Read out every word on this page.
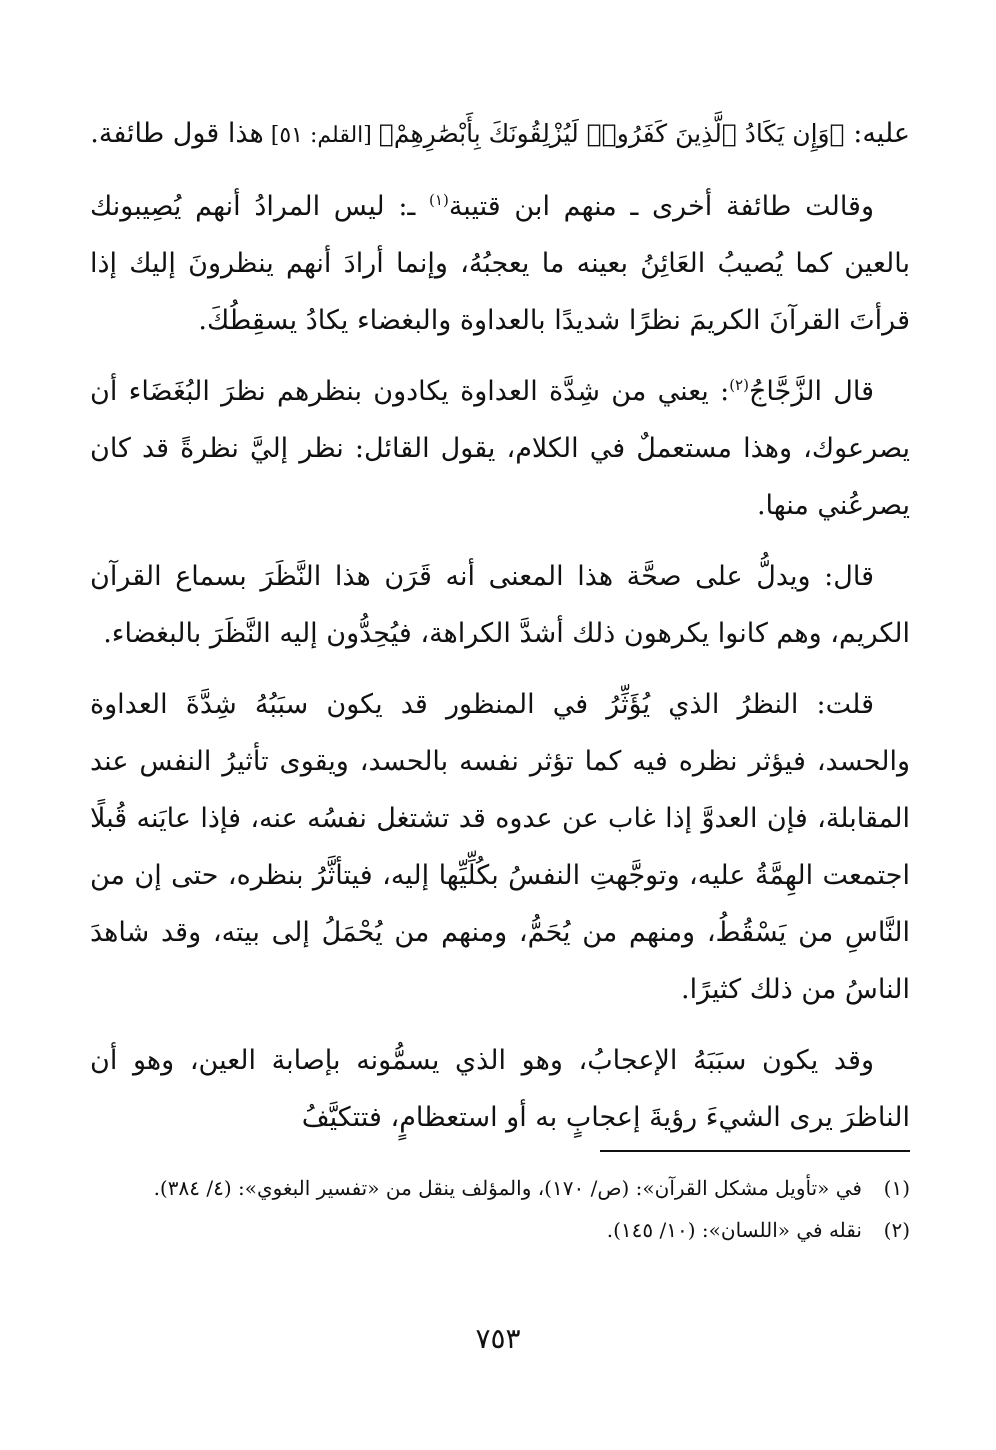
عليه: ﴿وَإِن يَكَادُ ٱلَّذِينَ كَفَرُوا۟ لَيُزْلِقُونَكَ بِأَبْصَٰرِهِمْ﴾ [القلم: ٥١] هذا قول طائفة.

وقالت طائفة أخرى ـ منهم ابن قتيبة$^{(١)}$ ـ: ليس المرادُ أنهم يُصِيبونك بالعين كما يُصيبُ العَائِنُ بعينه ما يعجبُهُ، وإنما أرادَ أنهم ينظرونَ إليك إذا قرأتَ القرآنَ الكريمَ نظرًا شديدًا بالعداوة والبغضاء يكادُ يسقِطُكَ.

قال الزَّجَّاجُ$^{(٢)}$: يعني من شِدَّة العداوة يكادون بنظرهم نظرَ البُغَضَاء أن يصرعوك، وهذا مستعملٌ في الكلام، يقول القائل: نظر إليَّ نظرةً قد كان يصرعُني منها.

قال: ويدلُّ على صحَّة هذا المعنى أنه قَرَن هذا النَّظَرَ بسماع القرآن الكريم، وهم كانوا يكرهون ذلك أشدَّ الكراهة، فيُحِدُّون إليه النَّظَرَ بالبغضاء.

قلت: النظرُ الذي يُؤَثِّرُ في المنظور قد يكون سبَبُهُ شِدَّةَ العداوة والحسد، فيؤثر نظره فيه كما تؤثر نفسه بالحسد، ويقوى تأثيرُ النفس عند المقابلة، فإن العدوَّ إذا غاب عن عدوه قد تشتغل نفسُه عنه، فإذا عايَنه قُبلًا اجتمعت الهِمَّةُ عليه، وتوجَّهتِ النفسُ بكُلِّيِّها إليه، فيتأثَّرُ بنظره، حتى إن من النَّاسِ من يَسْقُطُ، ومنهم من يُحَمُّ، ومنهم من يُحْمَلُ إلى بيته، وقد شاهدَ الناسُ من ذلك كثيرًا.

وقد يكون سبَبَهُ الإعجابُ، وهو الذي يسمُّونه بإصابة العين، وهو أن الناظرَ يرى الشيءَ رؤيةَ إعجابٍ به أو استعظامٍ، فتتكيَّفُ

(١)
في «تأويل مشكل القرآن»: (ص/ ١٧٠)، والمؤلف ينقل من «تفسير البغوي»: (٤/ ٣٨٤).
(٢)
نقله في «اللسان»: (١٠/ ١٤٥).
٧٥٣
